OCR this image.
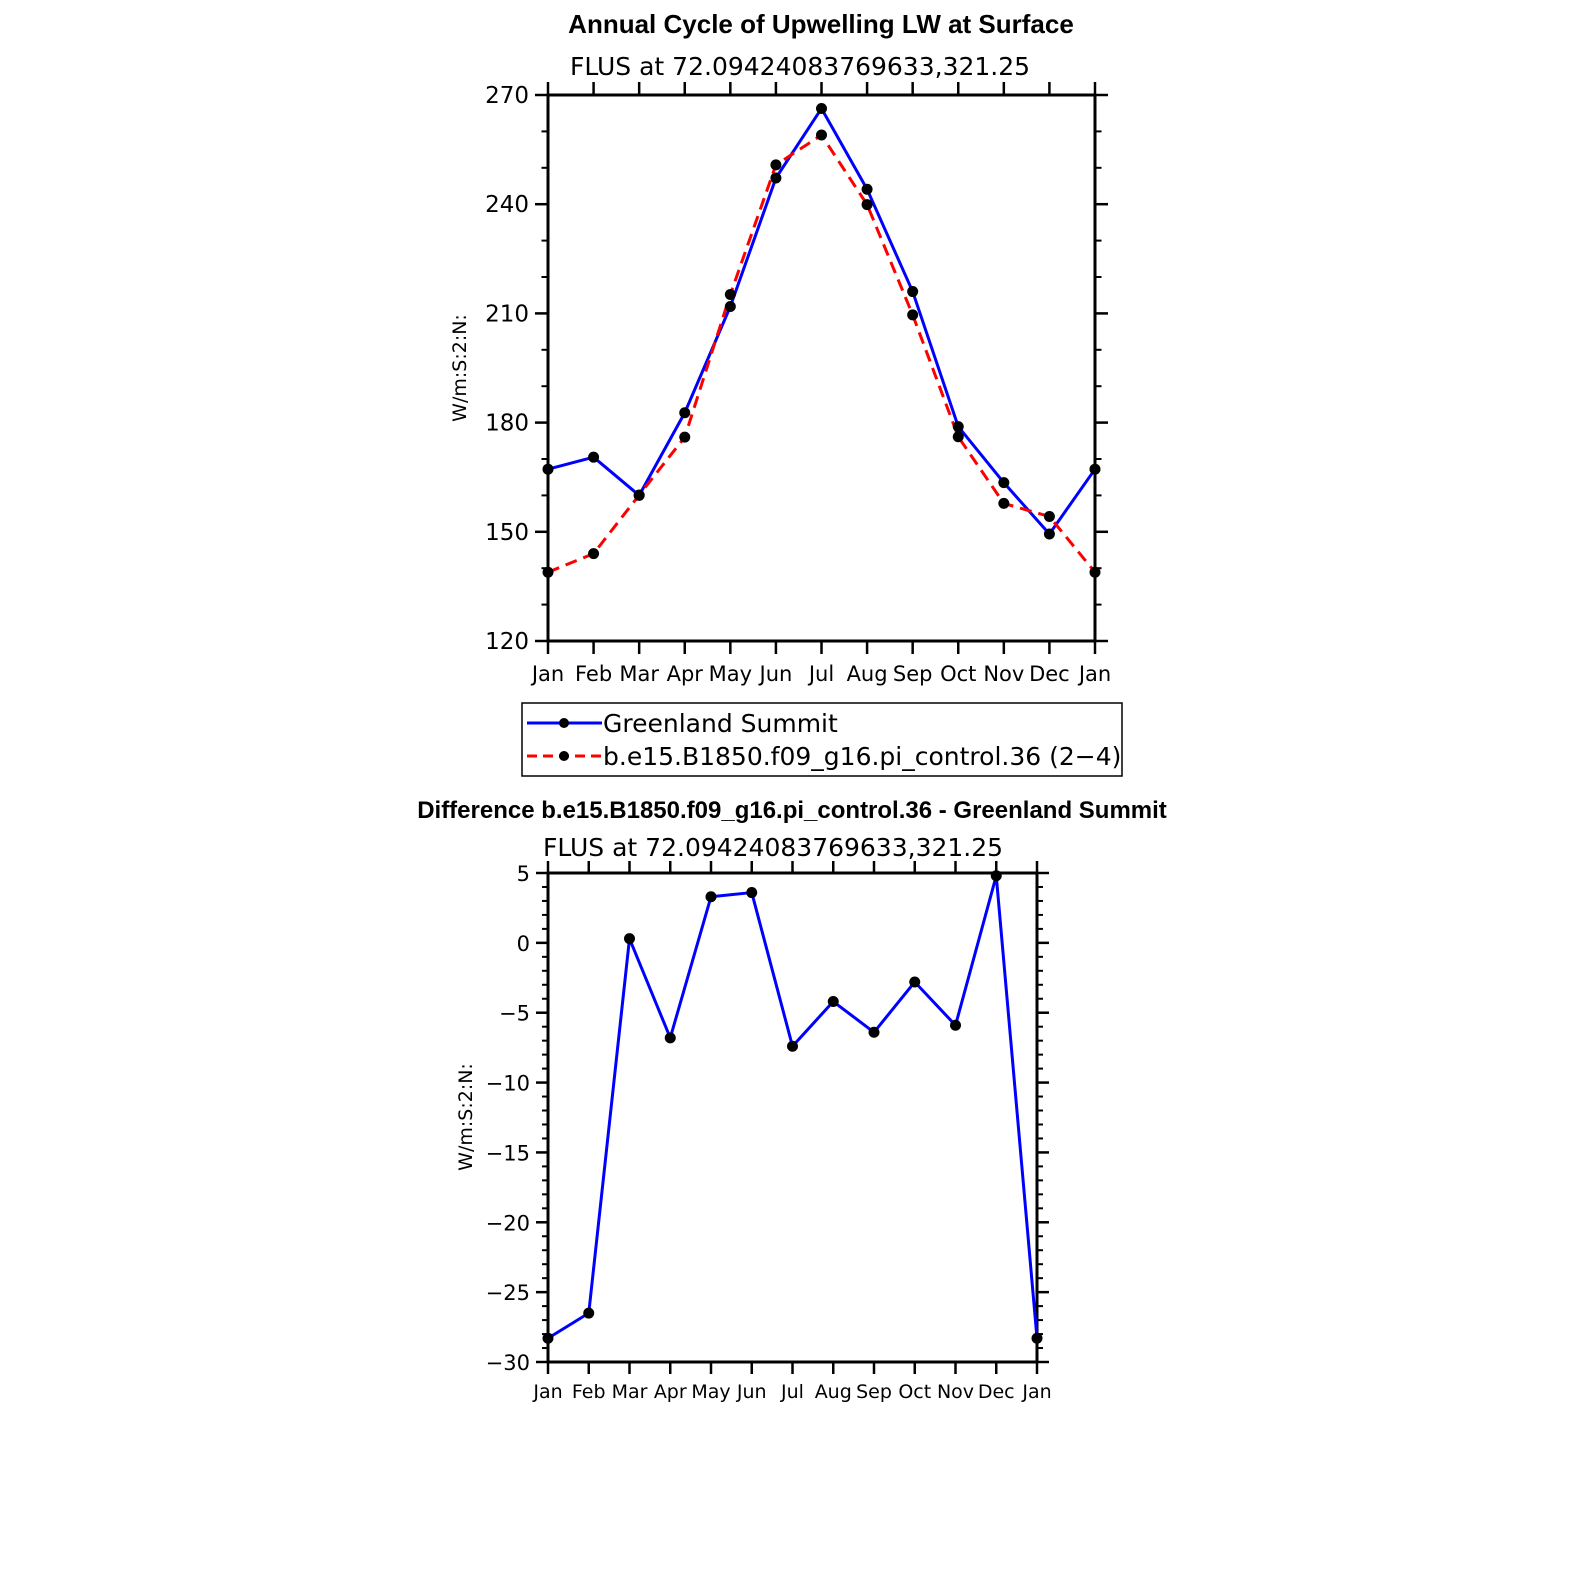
Annual Cycle of Upwelling LW at Surface
FLUS at 72.09424083769633,321.25
W/m:S:2:N:
120
150
180
210
240
270
Jan Feb Mar Apr May Jun Jul Aug Sep Oct Nov Dec Jan
Greenland Summit
b.e15.B1850.f09_g16.pi_control.36 (2−4)
Difference b.e15.B1850.f09_g16.pi_control.36 - Greenland Summit
FLUS at 72.09424083769633,321.25
W/m:S:2:N:
−30
−25
−20
−15
−10
−5
0
5
Jan Feb Mar Apr May Jun Jul Aug Sep Oct Nov Dec Jan
